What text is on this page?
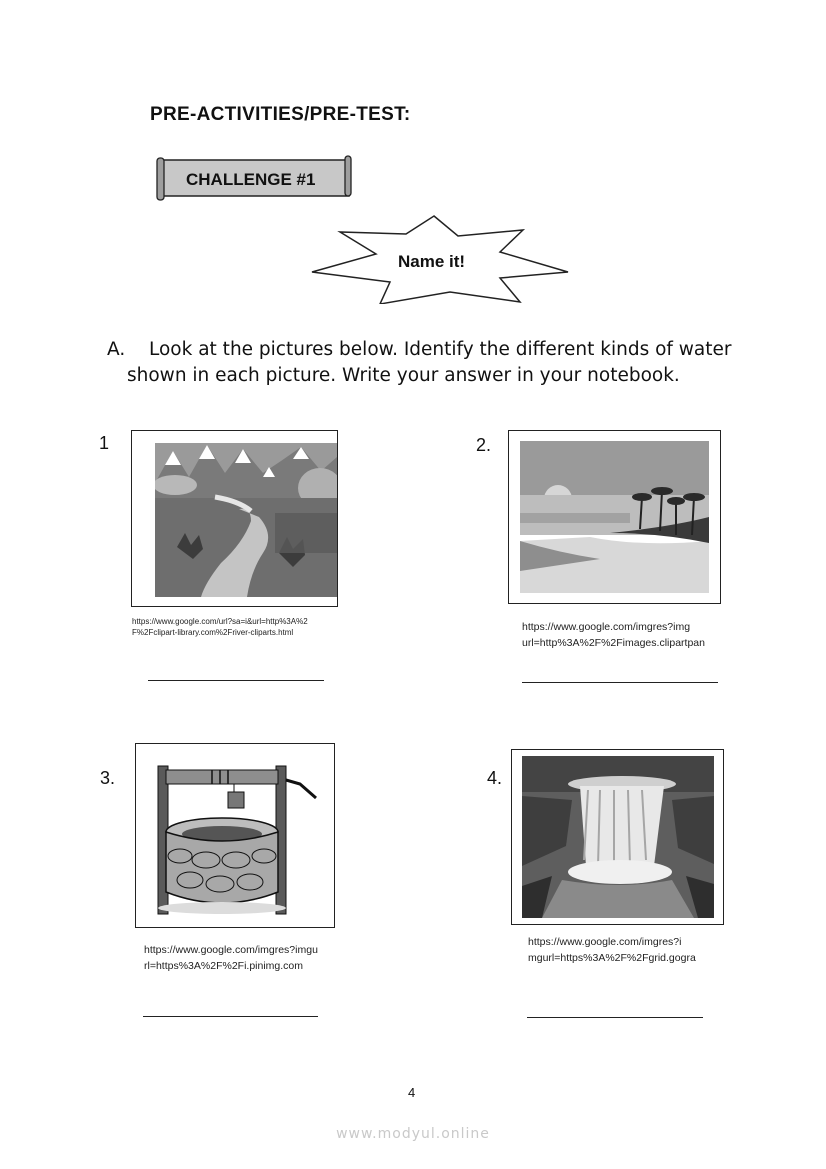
PRE-ACTIVITIES/PRE-TEST:
CHALLENGE #1
Name it!
A. Look at the pictures below. Identify the different kinds of water
shown in each picture. Write your answer in your notebook.
1
https://www.google.com/url?sa=i&url=http%3A%2
F%2Fclipart-library.com%2Friver-cliparts.html
2.
https://www.google.com/imgres?img
url=http%3A%2F%2Fimages.clipartpan
3.
https://www.google.com/imgres?imgu
rl=https%3A%2F%2Fi.pinimg.com
4.
https://www.google.com/imgres?i
mgurl=https%3A%2F%2Fgrid.gogra
4
www.modyul.online
